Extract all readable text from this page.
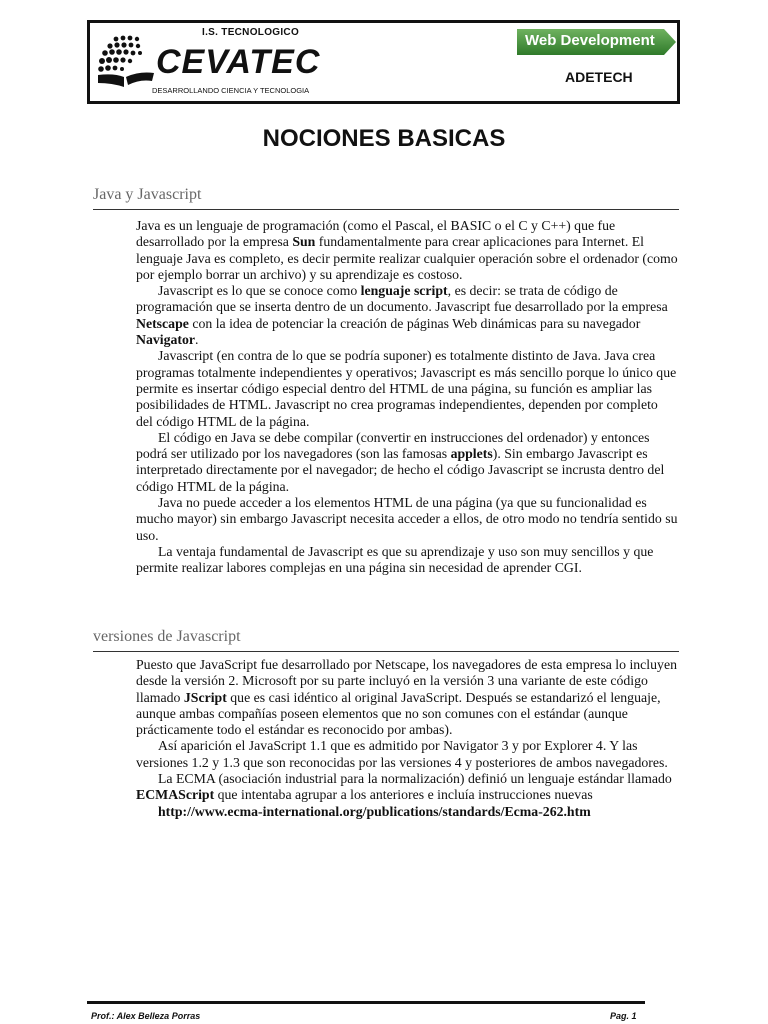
I.S. TECNOLOGICO
CEVATEC
DESARROLLANDO CIENCIA Y TECNOLOGIA
Web Development
ADETECH
NOCIONES BASICAS
Java y Javascript

Java es un lenguaje de programación (como el Pascal, el BASIC o el C y C++) que fue desarrollado por la empresa Sun fundamentalmente para crear aplicaciones para Internet. El lenguaje Java es completo, es decir permite realizar cualquier operación sobre el ordenador (como por ejemplo borrar un archivo) y su aprendizaje es costoso.

Javascript es lo que se conoce como lenguaje script, es decir: se trata de código de programación que se inserta dentro de un documento. Javascript fue desarrollado por la empresa Netscape con la idea de potenciar la creación de páginas Web dinámicas para su navegador Navigator.

Javascript (en contra de lo que se podría suponer) es totalmente distinto de Java. Java crea programas totalmente independientes y operativos; Javascript es más sencillo porque lo único que permite es insertar código especial dentro del HTML de una página, su función es ampliar las posibilidades de HTML. Javascript no crea programas independientes, dependen por completo del código HTML de la página.

El código en Java se debe compilar (convertir en instrucciones del ordenador) y entonces podrá ser utilizado por los navegadores (son las famosas applets). Sin embargo Javascript es interpretado directamente por el navegador; de hecho el código Javascript se incrusta dentro del código HTML de la página.

Java no puede acceder a los elementos HTML de una página (ya que su funcionalidad es mucho mayor) sin embargo Javascript necesita acceder a ellos, de otro modo no tendría sentido su uso.

La ventaja fundamental de Javascript es que su aprendizaje y uso son muy sencillos y que permite realizar labores complejas en una página sin necesidad de aprender CGI.

versiones de Javascript

Puesto que JavaScript fue desarrollado por Netscape, los navegadores de esta empresa lo incluyen desde la versión 2. Microsoft por su parte incluyó en la versión 3 una variante de este código llamado JScript que es casi idéntico al original JavaScript. Después se estandarizó el lenguaje, aunque ambas compañías poseen elementos que no son comunes con el estándar (aunque prácticamente todo el estándar es reconocido por ambas).

Así aparición el JavaScript 1.1 que es admitido por Navigator 3 y por Explorer 4. Y las versiones 1.2 y 1.3 que son reconocidas por las versiones 4 y posteriores de ambos navegadores.

La ECMA (asociación industrial para la normalización) definió un lenguaje estándar llamado ECMAScript que intentaba agrupar a los anteriores e incluía instrucciones nuevas

http://www.ecma-international.org/publications/standards/Ecma-262.htm

Prof.: Alex Belleza Porras	Pag. 1
